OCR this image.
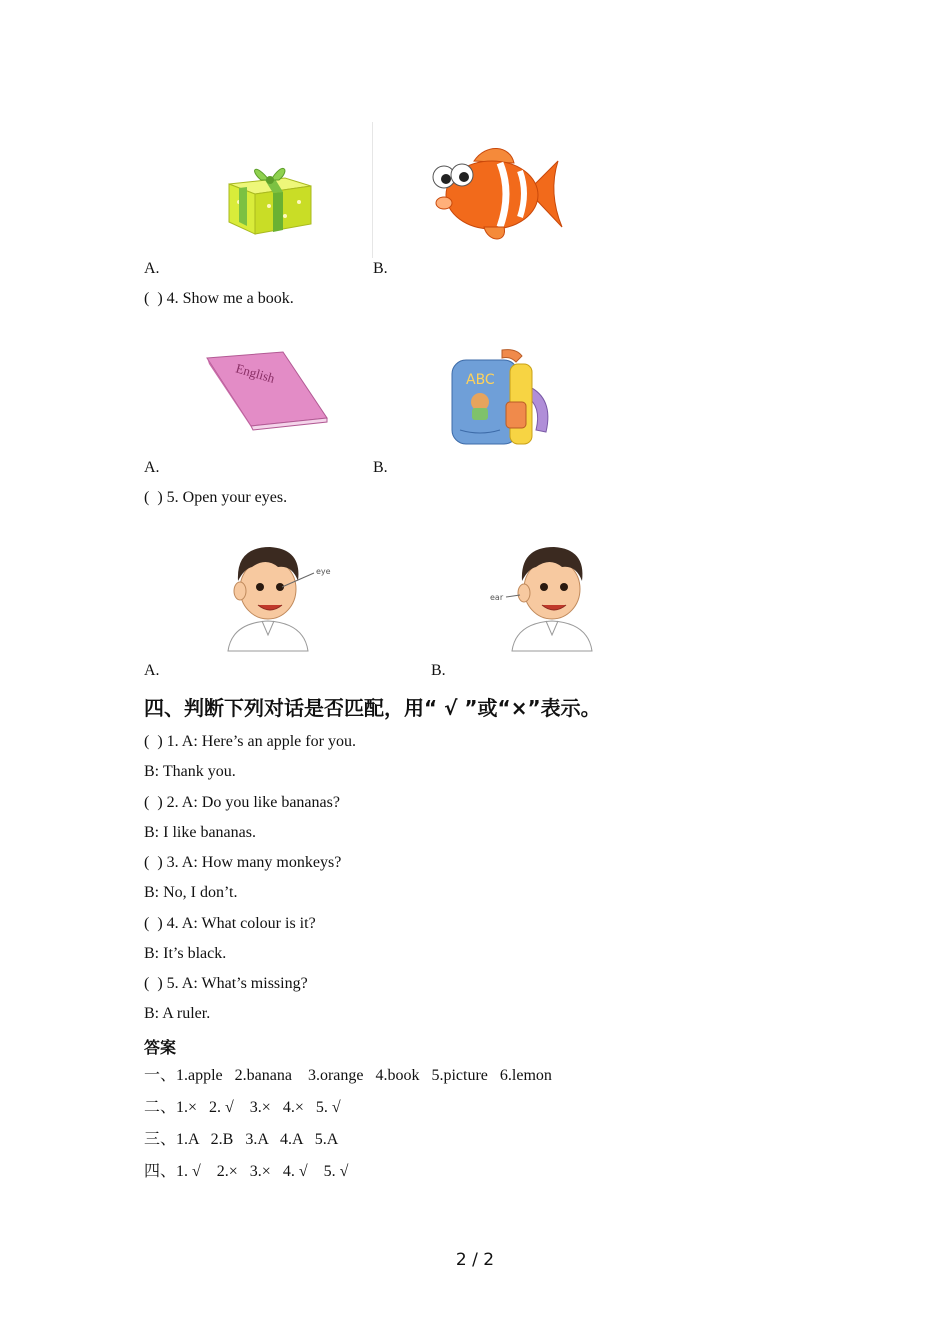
A.	B.
(  ) 4. Show me a book.
English	ABC
A.	B.
(  ) 5. Open your eyes.
eye
ear
A.	B.
四、判断下列对话是否匹配，用“ √ ”或“×”表示。
(  ) 1. A: Here’s an apple for you.
B: Thank you.
(  ) 2. A: Do you like bananas?
B: I like bananas.
(  ) 3. A: How many monkeys?
B: No, I don’t.
(  ) 4. A: What colour is it?
B: It’s black.
(  ) 5. A: What’s missing?
B: A ruler.
答案
一、1.apple   2.banana    3.orange   4.book   5.picture   6.lemon
二、1.×   2. √    3.×   4.×   5. √
三、1.A   2.B   3.A   4.A   5.A
四、1. √    2.×   3.×   4. √    5. √
2 / 2
